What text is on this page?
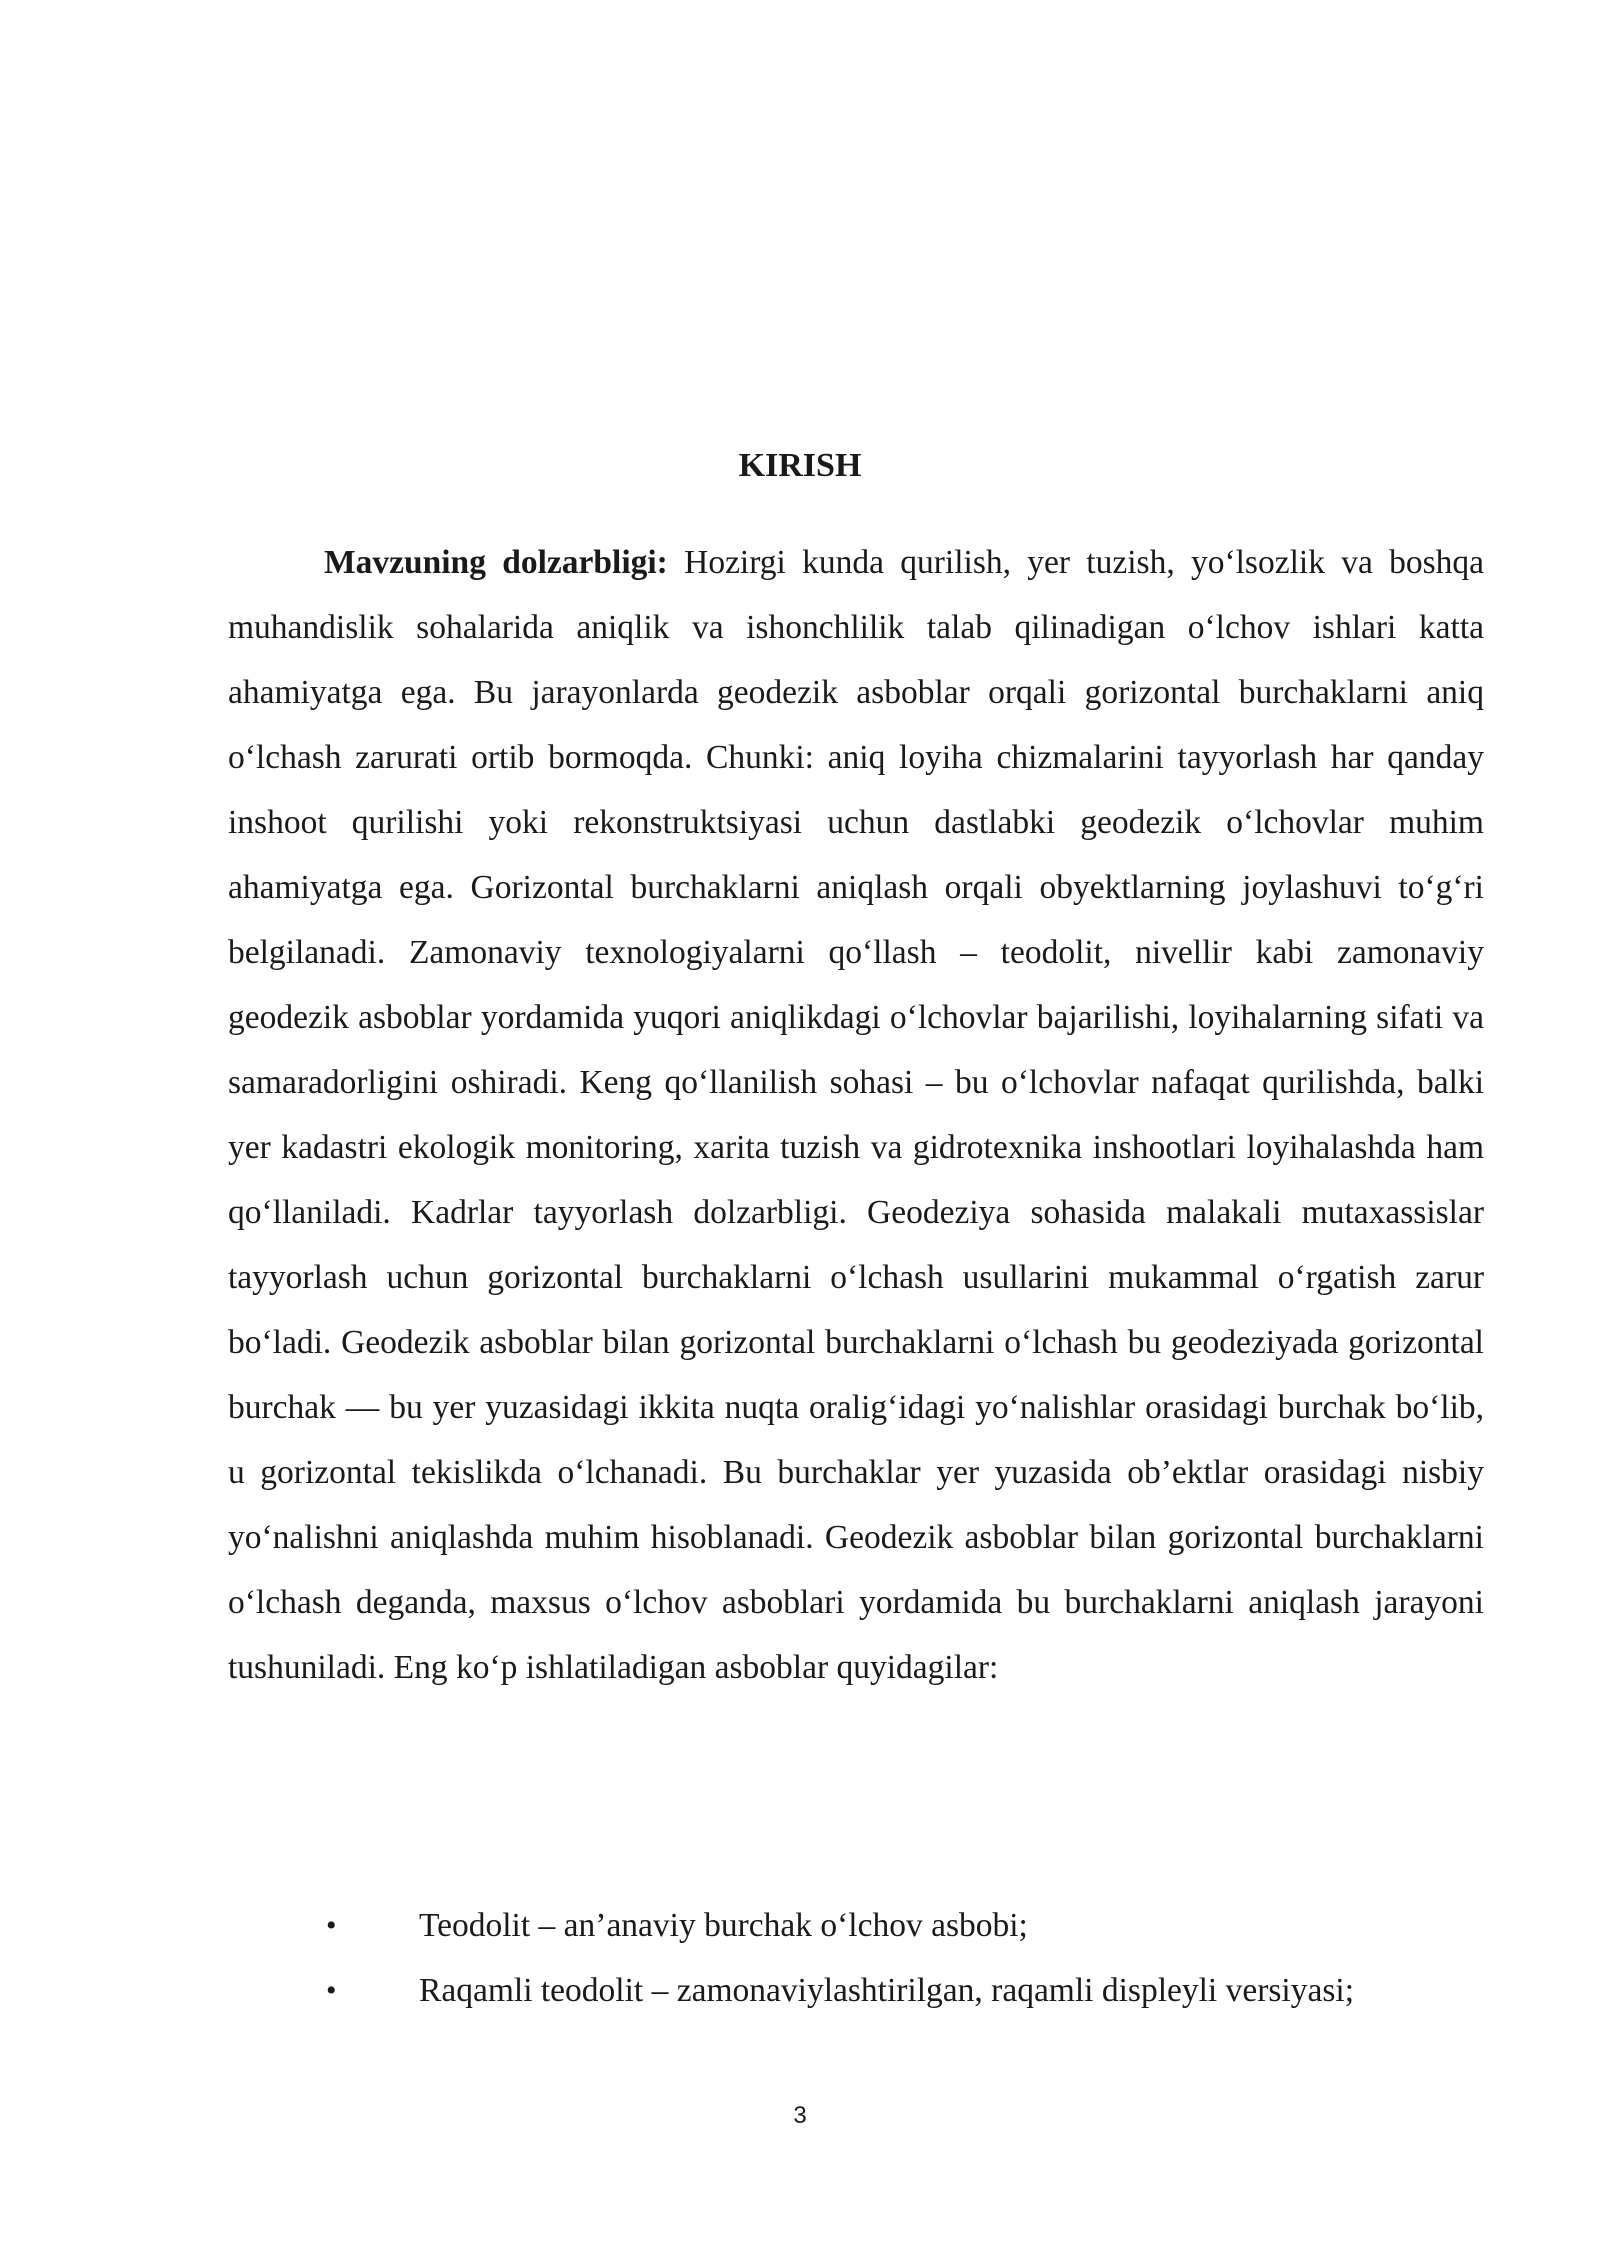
KIRISH

Mavzuning dolzarbligi: Hozirgi kunda qurilish, yer tuzish, yo‘lsozlik va boshqa muhandislik sohalarida aniqlik va ishonchlilik talab qilinadigan o‘lchov ishlari katta ahamiyatga ega. Bu jarayonlarda geodezik asboblar orqali gorizontal burchaklarni aniq o‘lchash zarurati ortib bormoqda. Chunki: aniq loyiha chizmalarini tayyorlash har qanday inshoot qurilishi yoki rekonstruktsiyasi uchun dastlabki geodezik o‘lchovlar muhim ahamiyatga ega. Gorizontal burchaklarni aniqlash orqali obyektlarning joylashuvi to‘g‘ri belgilanadi. Zamonaviy texnologiyalarni qo‘llash – teodolit, nivellir kabi zamonaviy geodezik asboblar yordamida yuqori aniqlikdagi o‘lchovlar bajarilishi, loyihalarning sifati va samaradorligini oshiradi. Keng qo‘llanilish sohasi – bu o‘lchovlar nafaqat qurilishda, balki yer kadastri ekologik monitoring, xarita tuzish va gidrotexnika inshootlari loyihalashda ham qo‘llaniladi. Kadrlar tayyorlash dolzarbligi. Geodeziya sohasida malakali mutaxassislar tayyorlash uchun gorizontal burchaklarni o‘lchash usullarini mukammal o‘rgatish zarur bo‘ladi. Geodezik asboblar bilan gorizontal burchaklarni o‘lchash bu geodeziyada gorizontal burchak — bu yer yuzasidagi ikkita nuqta oralig‘idagi yo‘nalishlar orasidagi burchak bo‘lib, u gorizontal tekislikda o‘lchanadi. Bu burchaklar yer yuzasida ob’ektlar orasidagi nisbiy yo‘nalishni aniqlashda muhim hisoblanadi. Geodezik asboblar bilan gorizontal burchaklarni o‘lchash deganda, maxsus o‘lchov asboblari yordamida bu burchaklarni aniqlash jarayoni tushuniladi. Eng ko‘p ishlatiladigan asboblar quyidagilar:

• Teodolit – an’anaviy burchak o‘lchov asbobi;
• Raqamli teodolit – zamonaviylashtirilgan, raqamli displeyli versiyasi;
3
